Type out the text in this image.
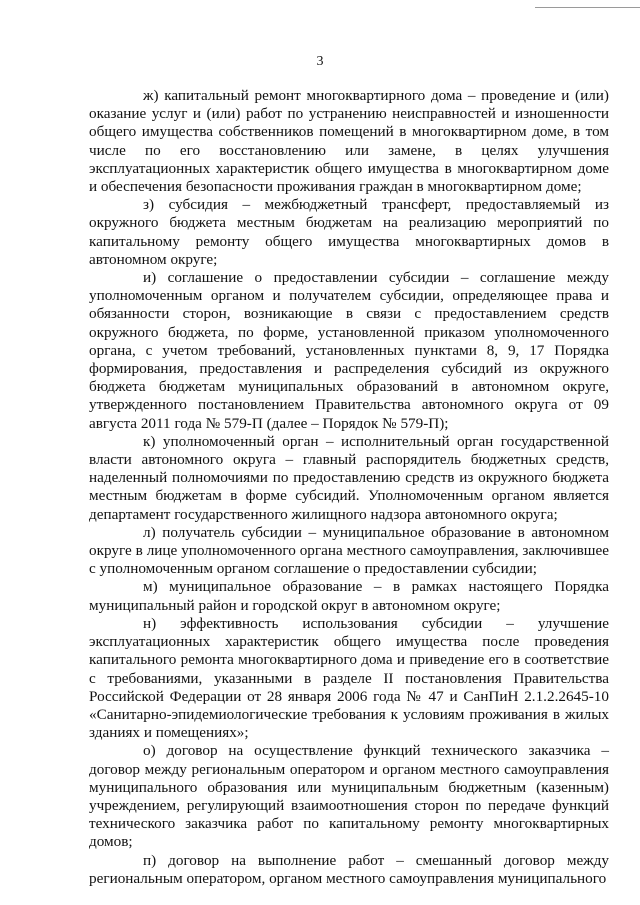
3

ж) капитальный ремонт многоквартирного дома – проведение и (или) оказание услуг и (или) работ по устранению неисправностей и изношенности общего имущества собственников помещений в многоквартирном доме, в том числе по его восстановлению или замене, в целях улучшения эксплуатационных характеристик общего имущества в многоквартирном доме и обеспечения безопасности проживания граждан в многоквартирном доме;

з) субсидия – межбюджетный трансферт, предоставляемый из окружного бюджета местным бюджетам на реализацию мероприятий по капитальному ремонту общего имущества многоквартирных домов в автономном округе;

и) соглашение о предоставлении субсидии – соглашение между уполномоченным органом и получателем субсидии, определяющее права и обязанности сторон, возникающие в связи с предоставлением средств окружного бюджета, по форме, установленной приказом уполномоченного органа, с учетом требований, установленных пунктами 8, 9, 17 Порядка формирования, предоставления и распределения субсидий из окружного бюджета бюджетам муниципальных образований в автономном округе, утвержденного постановлением Правительства автономного округа от 09 августа 2011 года № 579-П (далее – Порядок № 579-П);

к) уполномоченный орган – исполнительный орган государственной власти автономного округа – главный распорядитель бюджетных средств, наделенный полномочиями по предоставлению средств из окружного бюджета местным бюджетам в форме субсидий. Уполномоченным органом является департамент государственного жилищного надзора автономного округа;

л) получатель субсидии – муниципальное образование в автономном округе в лице уполномоченного органа местного самоуправления, заключившее с уполномоченным органом соглашение о предоставлении субсидии;

м) муниципальное образование – в рамках настоящего Порядка муниципальный район и городской округ в автономном округе;

н) эффективность использования субсидии – улучшение эксплуатационных характеристик общего имущества после проведения капитального ремонта многоквартирного дома и приведение его в соответствие с требованиями, указанными в разделе II постановления Правительства Российской Федерации от 28 января 2006 года № 47 и СанПиН 2.1.2.2645-10 «Санитарно-эпидемиологические требования к условиям проживания в жилых зданиях и помещениях»;

о) договор на осуществление функций технического заказчика – договор между региональным оператором и органом местного самоуправления муниципального образования или муниципальным бюджетным (казенным) учреждением, регулирующий взаимоотношения сторон по передаче функций технического заказчика работ по капитальному ремонту многоквартирных домов;

п) договор на выполнение работ – смешанный договор между региональным оператором, органом местного самоуправления муниципального
